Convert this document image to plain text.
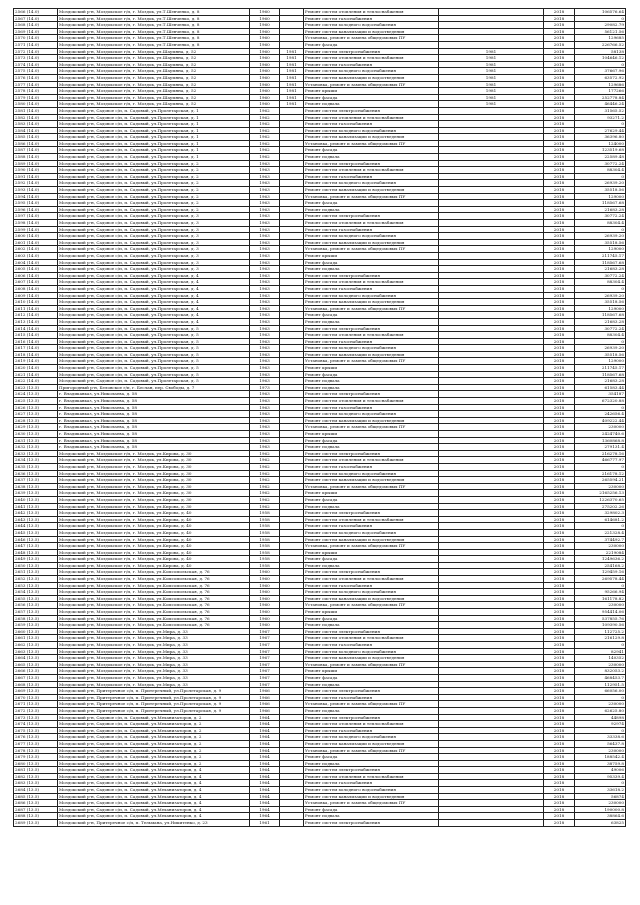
2566 (14.0)	Моздокский р-н, Моздокское г/п, г. Моздок, ул.Т.Шевченко, д. 8	1960		Ремонт систем отопления и теплоснабжения		2018	106576.64
2567 (14.0)	Моздокский р-н, Моздокское г/п, г. Моздок, ул.Т.Шевченко, д. 8	1960		Ремонт систем газоснабжения		2018	0
2568 (14.0)	Моздокский р-н, Моздокское г/п, г. Моздок, ул.Т.Шевченко, д. 8	1960		Ремонт систем холодного водоснабжения		2018	29082.79
2569 (14.0)	Моздокский р-н, Моздокское г/п, г. Моздок, ул.Т.Шевченко, д. 8	1960		Ремонт систем канализации и водоотведения		2018	56121.56
2570 (14.0)	Моздокский р-н, Моздокское г/п, г. Моздок, ул.Т.Шевченко, д. 8	1960		Установка, ремонт и замена общедомовых ПУ		2018	129685
2571 (14.0)	Моздокский р-н, Моздокское г/п, г. Моздок, ул.Т.Шевченко, д. 8	1960		Ремонт фасада		2018	226766.52
2572 (14.0)	Моздокский р-н, Моздокское г/п, г. Моздок, ул.Шаумяна, д. 52	1960	1981	Ремонт систем электроснабжения	1981	2018	58138
2573 (14.0)	Моздокский р-н, Моздокское г/п, г. Моздок, ул.Шаумяна, д. 52	1960	1981	Ремонт систем отопления и теплоснабжения	1981	2018	104646.12
2574 (14.0)	Моздокский р-н, Моздокское г/п, г. Моздок, ул.Шаумяна, д. 52	1960	1981	Ремонт систем газоснабжения	1981	2018	0
2575 (14.0)	Моздокский р-н, Моздокское г/п, г. Моздок, ул.Шаумяна, д. 52	1960	1981	Ремонт систем холодного водоснабжения	1981	2018	37667.96
2576 (14.0)	Моздокский р-н, Моздокское г/п, г. Моздок, ул.Шаумяна, д. 52	1960	1981	Ремонт систем канализации и водоотведения	1981	2018	63572.92
2577 (14.0)	Моздокский р-н, Моздокское г/п, г. Моздок, ул.Шаумяна, д. 52	1960	1981	Установка, ремонт и замена общедомовых ПУ	1981	2018	129686
2578 (14.0)	Моздокский р-н, Моздокское г/п, г. Моздок, ул.Шаумяна, д. 52	1960	1981	Ремонт крыши	1981	2018	177266
2579 (14.0)	Моздокский р-н, Моздокское г/п, г. Моздок, ул.Шаумяна, д. 52	1960	1981	Ремонт фасада	1981	2018	252778.84
2580 (14.0)	Моздокский р-н, Моздокское г/п, г. Моздок, ул.Шаумяна, д. 52	1960	1981	Ремонт подвала	1981	2018	46446.24
2581 (14.0)	Моздокский р-н, Садовое с/п, п. Садовый, ул.Пролетарская, д. 1	1962		Ремонт систем электроснабжения		2018	31565.52
2582 (14.0)	Моздокский р-н, Садовое с/п, п. Садовый, ул.Пролетарская, д. 1	1962		Ремонт систем отопления и теплоснабжения		2018	93271.2
2583 (14.0)	Моздокский р-н, Садовое с/п, п. Садовый, ул.Пролетарская, д. 1	1962		Ремонт систем газоснабжения		2018	0
2584 (14.0)	Моздокский р-н, Садовое с/п, п. Садовый, ул.Пролетарская, д. 1	1962		Ремонт систем холодного водоснабжения		2018	27629.44
2585 (14.0)	Моздокский р-н, Садовое с/п, п. Садовый, ул.Пролетарская, д. 1	1962		Ремонт систем канализации и водоотведения		2018	36396.80
2586 (14.0)	Моздокский р-н, Садовое с/п, п. Садовый, ул.Пролетарская, д. 1	1962		Установка, ремонт и замена общедомовых ПУ		2018	124000
2587 (14.0)	Моздокский р-н, Садовое с/п, п. Садовый, ул.Пролетарская, д. 1	1962		Ремонт фасада		2018	123519.68
2588 (14.0)	Моздокский р-н, Садовое с/п, п. Садовый, ул.Пролетарская, д. 1	1962		Ремонт подвала		2018	22589.48
2589 (14.0)	Моздокский р-н, Садовое с/п, п. Садовый, ул.Пролетарская, д. 2	1963		Ремонт систем электроснабжения		2018	30772.24
2590 (14.0)	Моздокский р-н, Садовое с/п, п. Садовый, ул.Пролетарская, д. 2	1963		Ремонт систем отопления и теплоснабжения		2018	88304.4
2591 (14.0)	Моздокский р-н, Садовое с/п, п. Садовый, ул.Пролетарская, д. 2	1963		Ремонт систем газоснабжения		2018	0
2592 (14.0)	Моздокский р-н, Садовое с/п, п. Садовый, ул.Пролетарская, д. 2	1963		Ремонт систем холодного водоснабжения		2018	26939.20
2593 (14.0)	Моздокский р-н, Садовое с/п, п. Садовый, ул.Пролетарская, д. 2	1963		Ремонт систем канализации и водоотведения		2018	35518.56
2594 (14.0)	Моздокский р-н, Садовое с/п, п. Садовый, ул.Пролетарская, д. 2	1963		Установка, ремонт и замена общедомовых ПУ		2018	129000
2595 (14.0)	Моздокский р-н, Садовое с/п, п. Садовый, ул.Пролетарская, д. 2	1963		Ремонт фасада		2018	118567.68
2596 (14.0)	Моздокский р-н, Садовое с/п, п. Садовый, ул.Пролетарская, д. 2	1963		Ремонт подвала		2018	21683.28
2597 (14.0)	Моздокский р-н, Садовое с/п, п. Садовый, ул.Пролетарская, д. 3	1963		Ремонт систем электроснабжения		2018	30772.24
2598 (14.0)	Моздокский р-н, Садовое с/п, п. Садовый, ул.Пролетарская, д. 3	1963		Ремонт систем отопления и теплоснабжения		2018	88304.4
2599 (14.0)	Моздокский р-н, Садовое с/п, п. Садовый, ул.Пролетарская, д. 3	1963		Ремонт систем газоснабжения		2018	0
2600 (14.0)	Моздокский р-н, Садовое с/п, п. Садовый, ул.Пролетарская, д. 3	1963		Ремонт систем холодного водоснабжения		2018	26939.20
2601 (14.0)	Моздокский р-н, Садовое с/п, п. Садовый, ул.Пролетарская, д. 3	1963		Ремонт систем канализации и водоотведения		2018	35518.56
2602 (14.0)	Моздокский р-н, Садовое с/п, п. Садовый, ул.Пролетарская, д. 3	1963		Установка, ремонт и замена общедомовых ПУ		2018	129000
2603 (14.0)	Моздокский р-н, Садовое с/п, п. Садовый, ул.Пролетарская, д. 3	1963		Ремонт крыши		2018	211745.17
2604 (14.0)	Моздокский р-н, Садовое с/п, п. Садовый, ул.Пролетарская, д. 3	1963		Ремонт фасада		2018	118567.68
2605 (14.0)	Моздокский р-н, Садовое с/п, п. Садовый, ул.Пролетарская, д. 3	1963		Ремонт подвала		2018	21683.28
2606 (14.0)	Моздокский р-н, Садовое с/п, п. Садовый, ул.Пролетарская, д. 4	1963		Ремонт систем электроснабжения		2018	30772.24
2607 (14.0)	Моздокский р-н, Садовое с/п, п. Садовый, ул.Пролетарская, д. 4	1963		Ремонт систем отопления и теплоснабжения		2018	88304.4
2608 (14.0)	Моздокский р-н, Садовое с/п, п. Садовый, ул.Пролетарская, д. 4	1963		Ремонт систем газоснабжения		2018	0
2609 (14.0)	Моздокский р-н, Садовое с/п, п. Садовый, ул.Пролетарская, д. 4	1963		Ремонт систем холодного водоснабжения		2018	26939.20
2610 (14.0)	Моздокский р-н, Садовое с/п, п. Садовый, ул.Пролетарская, д. 4	1963		Ремонт систем канализации и водоотведения		2018	35518.56
2611 (14.0)	Моздокский р-н, Садовое с/п, п. Садовый, ул.Пролетарская, д. 4	1963		Установка, ремонт и замена общедомовых ПУ		2018	129000
2612 (14.0)	Моздокский р-н, Садовое с/п, п. Садовый, ул.Пролетарская, д. 4	1963		Ремонт фасада		2018	118567.68
2613 (14.0)	Моздокский р-н, Садовое с/п, п. Садовый, ул.Пролетарская, д. 4	1963		Ремонт подвала		2018	21683.28
2614 (14.0)	Моздокский р-н, Садовое с/п, п. Садовый, ул.Пролетарская, д. 5	1963		Ремонт систем электроснабжения		2018	30772.24
2615 (14.0)	Моздокский р-н, Садовое с/п, п. Садовый, ул.Пролетарская, д. 5	1963		Ремонт систем отопления и теплоснабжения		2018	88304.4
2616 (14.0)	Моздокский р-н, Садовое с/п, п. Садовый, ул.Пролетарская, д. 5	1963		Ремонт систем газоснабжения		2018	0
2617 (14.0)	Моздокский р-н, Садовое с/п, п. Садовый, ул.Пролетарская, д. 5	1963		Ремонт систем холодного водоснабжения		2018	26939.20
2618 (14.0)	Моздокский р-н, Садовое с/п, п. Садовый, ул.Пролетарская, д. 5	1963		Ремонт систем канализации и водоотведения		2018	35518.56
2619 (14.0)	Моздокский р-н, Садовое с/п, п. Садовый, ул.Пролетарская, д. 5	1963		Установка, ремонт и замена общедомовых ПУ		2018	129000
2620 (14.0)	Моздокский р-н, Садовое с/п, п. Садовый, ул.Пролетарская, д. 5	1963		Ремонт крыши		2018	211745.17
2621 (14.0)	Моздокский р-н, Садовое с/п, п. Садовый, ул.Пролетарская, д. 5	1963		Ремонт фасада		2018	118567.68
2622 (14.0)	Моздокский р-н, Садовое с/п, п. Садовый, ул.Пролетарская, д. 5	1963		Ремонт подвала		2018	21683.28
2623 (13.5)	Пригородный р-н, Беловское г/п, г. Беслан, пер. Свободы, д. 7	1973		Ремонт подвала		2018	61583.44
2624 (13.5)	г. Владикавказ, ул.Николаева, д. 58	1963		Ремонт систем электроснабжения		2018	354187
2625 (13.5)	г. Владикавказ, ул.Николаева, д. 58	1963		Ремонт систем отопления и теплоснабжения		2018	672320.88
2626 (13.5)	г. Владикавказ, ул.Николаева, д. 58	1963		Ремонт систем газоснабжения		2018	0
2627 (13.5)	г. Владикавказ, ул.Николаева, д. 58	1963		Ремонт систем холодного водоснабжения		2018	242656.4
2628 (13.5)	г. Владикавказ, ул.Николаева, д. 58	1963		Ремонт систем канализации и водоотведения		2018	409222.44
2629 (13.5)	г. Владикавказ, ул.Николаева, д. 58	1963		Установка, ремонт и замена общедомовых ПУ		2018	230000
2630 (13.5)	г. Владикавказ, ул.Николаева, д. 58	1963		Ремонт крыши		2018	2424740.6
2631 (13.5)	г. Владикавказ, ул.Николаева, д. 58	1963		Ремонт фасада		2018	1360868.8
2632 (13.5)	г. Владикавказ, ул.Николаева, д. 58	1963		Ремонт подвала		2018	279131.4
2633 (13.5)	Моздокский р-н, Моздокское г/п, г. Моздок, ул.Кирова, д. 30	1962		Ремонт систем электроснабжения		2018	216278.16
2634 (13.5)	Моздокский р-н, Моздокское г/п, г. Моздок, ул.Кирова, д. 30	1962		Ремонт систем отопления и теплоснабжения		2018	466777.97
2635 (13.5)	Моздокский р-н, Моздокское г/п, г. Моздок, ул.Кирова, д. 30	1962		Ремонт систем газоснабжения		2018	0
2636 (13.5)	Моздокский р-н, Моздокское г/п, г. Моздок, ул.Кирова, д. 30	1962		Ремонт систем холодного водоснабжения		2018	216178.12
2637 (13.5)	Моздокский р-н, Моздокское г/п, г. Моздок, ул.Кирова, д. 30	1962		Ремонт систем канализации и водоотведения		2018	265594.21
2638 (13.5)	Моздокский р-н, Моздокское г/п, г. Моздок, ул.Кирова, д. 30	1962		Установка, ремонт и замена общедомовых ПУ		2018	230000
2639 (13.5)	Моздокский р-н, Моздокское г/п, г. Моздок, ул.Кирова, д. 30	1962		Ремонт крыши		2018	2165256.13
2640 (13.5)	Моздокский р-н, Моздокское г/п, г. Моздок, ул.Кирова, д. 30	1962		Ремонт фасада		2018	1226370.65
2641 (13.5)	Моздокский р-н, Моздокское г/п, г. Моздок, ул.Кирова, д. 30	1962		Ремонт подвала		2018	275202.26
2642 (13.5)	Моздокский р-н, Моздокское г/п, г. Моздок, ул.Кирова, д. 40	1958		Ремонт систем электроснабжения		2018	329802.3
2643 (13.5)	Моздокский р-н, Моздокское г/п, г. Моздок, ул.Кирова, д. 40	1958		Ремонт систем отопления и теплоснабжения		2018	614681.2
2644 (13.5)	Моздокский р-н, Моздокское г/п, г. Моздок, ул.Кирова, д. 40	1958		Ремонт систем газоснабжения		2018	0
2645 (13.5)	Моздокский р-н, Моздокское г/п, г. Моздок, ул.Кирова, д. 40	1958		Ремонт систем холодного водоснабжения		2018	221328.4
2646 (13.5)	Моздокский р-н, Моздокское г/п, г. Моздок, ул.Кирова, д. 40	1958		Ремонт систем канализации и водоотведения		2018	374492.7
2647 (13.5)	Моздокский р-н, Моздокское г/п, г. Моздок, ул.Кирова, д. 40	1958		Установка, ремонт и замена общедомовых ПУ		2018	230000
2648 (13.5)	Моздокский р-н, Моздокское г/п, г. Моздок, ул.Кирова, д. 40	1958		Ремонт крыши		2018	2219084
2649 (13.5)	Моздокский р-н, Моздокское г/п, г. Моздок, ул.Кирова, д. 40	1958		Ремонт фасада		2018	1249636.2
2650 (13.5)	Моздокский р-н, Моздокское г/п, г. Моздок, ул.Кирова, д. 40	1958		Ремонт подвала		2018	254168.2
2651 (13.5)	Моздокский р-н, Моздокское г/п, г. Моздок, ул.Комсомольская, д. 76	1960		Ремонт систем электроснабжения		2018	129459.16
2652 (13.5)	Моздокский р-н, Моздокское г/п, г. Моздок, ул.Комсомольская, д. 76	1960		Ремонт систем отопления и теплоснабжения		2018	269578.44
2653 (13.5)	Моздокский р-н, Моздокское г/п, г. Моздок, ул.Комсомольская, д. 76	1960		Ремонт систем газоснабжения		2018	0
2654 (13.5)	Моздокский р-н, Моздокское г/п, г. Моздок, ул.Комсомольская, д. 76	1960		Ремонт систем холодного водоснабжения		2018	95266.94
2655 (13.5)	Моздокский р-н, Моздокское г/п, г. Моздок, ул.Комсомольская, д. 76	1960		Ремонт систем канализации и водоотведения		2018	161178.82
2656 (13.5)	Моздокский р-н, Моздокское г/п, г. Моздок, ул.Комсомольская, д. 76	1960		Установка, ремонт и замена общедомовых ПУ		2018	230000
2657 (13.5)	Моздокский р-н, Моздокское г/п, г. Моздок, ул.Комсомольская, д. 76	1960		Ремонт крыши		2018	954414.06
2658 (13.5)	Моздокский р-н, Моздокское г/п, г. Моздок, ул.Комсомольская, д. 76	1960		Ремонт фасада		2018	537855.76
2659 (13.5)	Моздокский р-н, Моздокское г/п, г. Моздок, ул.Комсомольская, д. 76	1960		Ремонт подвала		2018	109390.56
2660 (13.5)	Моздокский р-н, Моздокское г/п, г. Моздок, ул.Мира, д. 33	1967		Ремонт систем электроснабжения		2018	112725.2
2661 (13.5)	Моздокский р-н, Моздокское г/п, г. Моздок, ул.Мира, д. 33	1967		Ремонт систем отопления и теплоснабжения		2018	216129.8
2662 (13.5)	Моздокский р-н, Моздокское г/п, г. Моздок, ул.Мира, д. 33	1967		Ремонт систем газоснабжения		2018	0
2663 (13.5)	Моздокский р-н, Моздокское г/п, г. Моздок, ул.Мира, д. 33	1967		Ремонт систем холодного водоснабжения		2018	82941
2664 (13.5)	Моздокский р-н, Моздокское г/п, г. Моздок, ул.Мира, д. 33	1967		Ремонт систем канализации и водоотведения		2018	140352
2665 (13.5)	Моздокский р-н, Моздокское г/п, г. Моздок, ул.Мира, д. 33	1967		Установка, ремонт и замена общедомовых ПУ		2018	230000
2666 (13.5)	Моздокский р-н, Моздокское г/п, г. Моздок, ул.Мира, д. 33	1967		Ремонт крыши		2018	832053.2
2667 (13.5)	Моздокский р-н, Моздокское г/п, г. Моздок, ул.Мира, д. 33	1967		Ремонт фасада		2018	468453.7
2668 (13.5)	Моздокский р-н, Моздокское г/п, г. Моздок, ул.Мира, д. 33	1967		Ремонт подвала		2018	112951.5
2669 (13.5)	Моздокский р-н, Притеречное с/п, п. Притеречный, ул.Пролетарская, д. 9	1966		Ремонт систем электроснабжения		2018	66056.00
2670 (13.5)	Моздокский р-н, Притеречное с/п, п. Притеречный, ул.Пролетарская, д. 9	1966		Ремонт систем газоснабжения		2018	0
2671 (13.5)	Моздокский р-н, Притеречное с/п, п. Притеречный, ул.Пролетарская, д. 9	1966		Установка, ремонт и замена общедомовых ПУ		2018	230000
2672 (13.5)	Моздокский р-н, Притеречное с/п, п. Притеречный, ул.Пролетарская, д. 9	1966		Ремонт подвала		2018	62625.80
2673 (13.5)	Моздокский р-н, Садовое с/п, п. Садовый, ул.Механизаторов, д. 2	1964		Ремонт систем электроснабжения		2018	44898
2674 (13.5)	Моздокский р-н, Садовое с/п, п. Садовый, ул.Механизаторов, д. 2	1964		Ремонт систем отопления и теплоснабжения		2018	92974
2675 (13.5)	Моздокский р-н, Садовое с/п, п. Садовый, ул.Механизаторов, д. 2	1964		Ремонт систем газоснабжения		2018	0
2676 (13.5)	Моздокский р-н, Садовое с/п, п. Садовый, ул.Механизаторов, д. 2	1964		Ремонт систем холодного водоснабжения		2018	33338.6
2677 (13.5)	Моздокский р-н, Садовое с/п, п. Садовый, ул.Механизаторов, д. 2	1964		Ремонт систем канализации и водоотведения		2018	56437.8
2678 (13.5)	Моздокский р-н, Садовое с/п, п. Садовый, ул.Механизаторов, д. 2	1964		Установка, ремонт и замена общедомовых ПУ		2018	230000
2679 (13.5)	Моздокский р-н, Садовое с/п, п. Садовый, ул.Механизаторов, д. 2	1964		Ремонт фасада		2018	188542.4
2680 (13.5)	Моздокский р-н, Садовое с/п, п. Садовый, ул.Механизаторов, д. 2	1964		Ремонт подвала		2018	38759.8
2681 (13.5)	Моздокский р-н, Садовое с/п, п. Садовый, ул.Механизаторов, д. 4	1964		Ремонт систем электроснабжения		2018	49006
2682 (13.5)	Моздокский р-н, Садовое с/п, п. Садовый, ул.Механизаторов, д. 4	1964		Ремонт систем отопления и теплоснабжения		2018	95339.4
2683 (13.5)	Моздокский р-н, Садовое с/п, п. Садовый, ул.Механизаторов, д. 4	1964		Ремонт систем газоснабжения		2018	0
2684 (13.5)	Моздокский р-н, Садовое с/п, п. Садовый, ул.Механизаторов, д. 4	1964		Ремонт систем холодного водоснабжения		2018	33618.2
2685 (13.5)	Моздокский р-н, Садовое с/п, п. Садовый, ул.Механизаторов, д. 4	1964		Ремонт систем канализации и водоотведения		2018	56874
2686 (13.5)	Моздокский р-н, Садовое с/п, п. Садовый, ул.Механизаторов, д. 4	1964		Установка, ремонт и замена общедомовых ПУ		2018	230000
2687 (13.5)	Моздокский р-н, Садовое с/п, п. Садовый, ул.Механизаторов, д. 4	1964		Ремонт фасада		2018	190000.8
2688 (13.5)	Моздокский р-н, Садовое с/п, п. Садовый, ул.Механизаторов, д. 4	1964		Ремонт подвала		2018	38864.6
2689 (13.5)	Моздокский р-н, Притеречное с/п, п. Тельмана, ул.Никитенко, д. 23	1961		Ремонт систем электроснабжения		2018	63825
